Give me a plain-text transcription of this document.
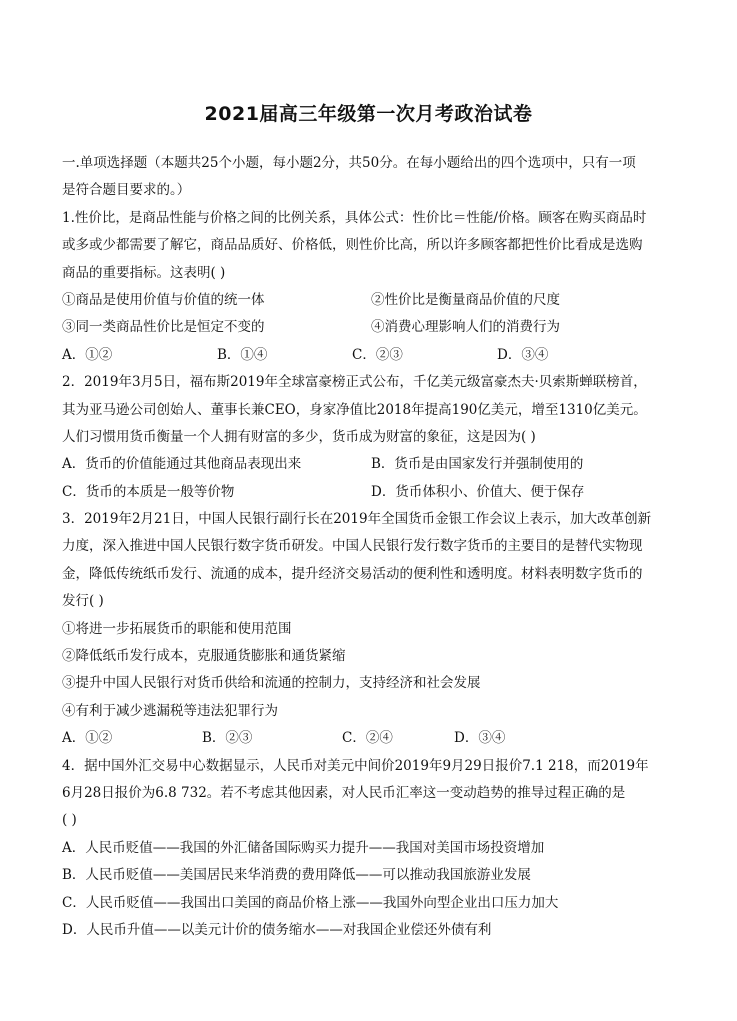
2021届高三年级第一次月考政治试卷
一.单项选择题（本题共25个小题，每小题2分，共50分。在每小题给出的四个选项中，只有一项
是符合题目要求的。）
1.性价比，是商品性能与价格之间的比例关系，具体公式：性价比＝性能/价格。顾客在购买商品时
或多或少都需要了解它，商品品质好、价格低，则性价比高，所以许多顾客都把性价比看成是选购
商品的重要指标。这表明( )
①商品是使用价值与价值的统一体	②性价比是衡量商品价值的尺度
③同一类商品性价比是恒定不变的	④消费心理影响人们的消费行为
A．①②	B．①④	C．②③	D．③④
2．2019年3月5日，福布斯2019年全球富豪榜正式公布，千亿美元级富豪杰夫·贝索斯蝉联榜首，
其为亚马逊公司创始人、董事长兼CEO，身家净值比2018年提高190亿美元，增至1310亿美元。
人们习惯用货币衡量一个人拥有财富的多少，货币成为财富的象征，这是因为( )
A．货币的价值能通过其他商品表现出来	B．货币是由国家发行并强制使用的
C．货币的本质是一般等价物	D．货币体积小、价值大、便于保存
3．2019年2月21日，中国人民银行副行长在2019年全国货币金银工作会议上表示，加大改革创新
力度，深入推进中国人民银行数字货币研发。中国人民银行发行数字货币的主要目的是替代实物现
金，降低传统纸币发行、流通的成本，提升经济交易活动的便利性和透明度。材料表明数字货币的
发行( )
①将进一步拓展货币的职能和使用范围
②降低纸币发行成本，克服通货膨胀和通货紧缩
③提升中国人民银行对货币供给和流通的控制力，支持经济和社会发展
④有利于减少逃漏税等违法犯罪行为
A．①②	B．②③	C．②④	D．③④
4．据中国外汇交易中心数据显示，人民币对美元中间价2019年9月29日报价7.1 218，而2019年
6月28日报价为6.8 732。若不考虑其他因素，对人民币汇率这一变动趋势的推导过程正确的是
( )
A．人民币贬值——我国的外汇储备国际购买力提升——我国对美国市场投资增加
B．人民币贬值——美国居民来华消费的费用降低——可以推动我国旅游业发展
C．人民币贬值——我国出口美国的商品价格上涨——我国外向型企业出口压力加大
D．人民币升值——以美元计价的债务缩水——对我国企业偿还外债有利
